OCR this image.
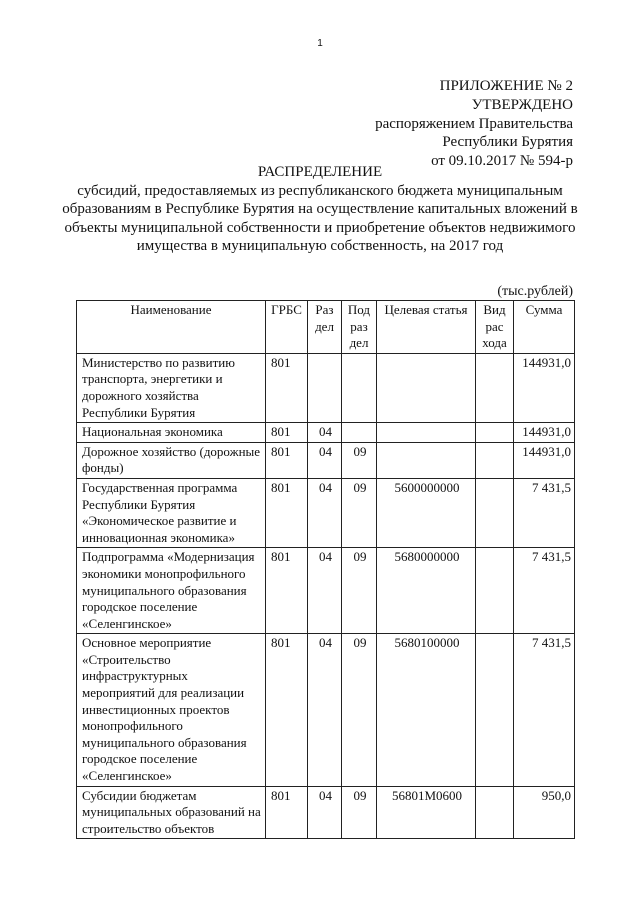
1
ПРИЛОЖЕНИЕ № 2
УТВЕРЖДЕНО
распоряжением Правительства
Республики Бурятия
от 09.10.2017 № 594-р
РАСПРЕДЕЛЕНИЕ
субсидий, предоставляемых из республиканского бюджета муниципальным образованиям в Республике Бурятия на осуществление капитальных вложений в объекты муниципальной собственности и приобретение объектов недвижимого имущества в муниципальную собственность, на 2017 год
(тыс.рублей)
Наименование	ГРБС	Раз дел	Под раз дел	Целевая статья	Вид рас хода	Сумма
Министерство по развитию транспорта, энергетики и дорожного хозяйства Республики Бурятия	801					144931,0
Национальная экономика	801	04				144931,0
Дорожное хозяйство (дорожные фонды)	801	04	09			144931,0
Государственная программа Республики Бурятия «Экономическое развитие и инновационная экономика»	801	04	09	5600000000		7 431,5
Подпрограмма «Модернизация экономики монопрофильного муниципального образования городское поселение «Селенгинское»	801	04	09	5680000000		7 431,5
Основное мероприятие «Строительство инфраструктурных мероприятий для реализации инвестиционных проектов монопрофильного муниципального образования городское поселение «Селенгинское»	801	04	09	5680100000		7 431,5
Субсидии бюджетам муниципальных образований на строительство объектов	801	04	09	56801М0600		950,0
